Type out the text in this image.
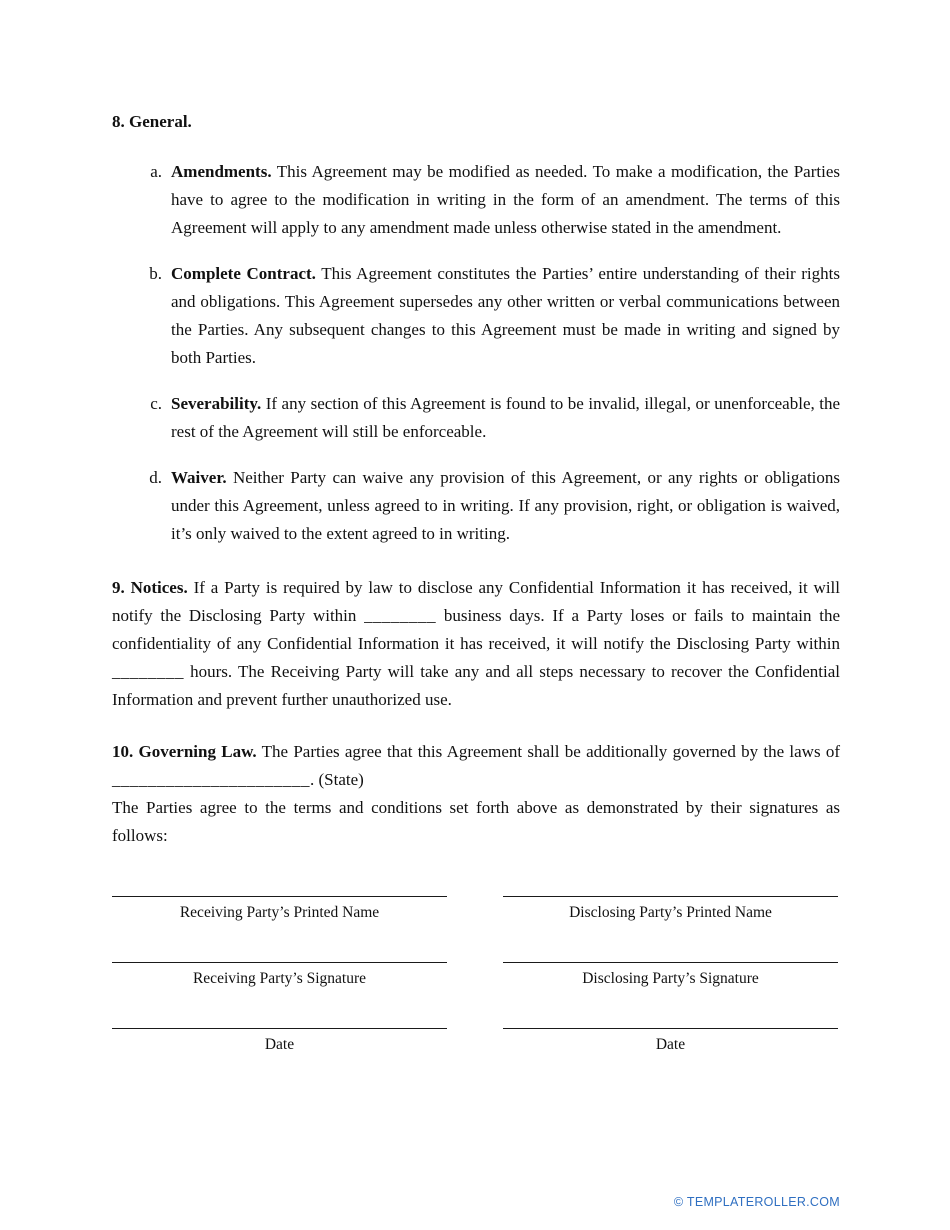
8. General.

a. Amendments. This Agreement may be modified as needed. To make a modification, the Parties have to agree to the modification in writing in the form of an amendment. The terms of this Agreement will apply to any amendment made unless otherwise stated in the amendment.

b. Complete Contract. This Agreement constitutes the Parties’ entire understanding of their rights and obligations. This Agreement supersedes any other written or verbal communications between the Parties. Any subsequent changes to this Agreement must be made in writing and signed by both Parties.

c. Severability. If any section of this Agreement is found to be invalid, illegal, or unenforceable, the rest of the Agreement will still be enforceable.

d. Waiver. Neither Party can waive any provision of this Agreement, or any rights or obligations under this Agreement, unless agreed to in writing. If any provision, right, or obligation is waived, it’s only waived to the extent agreed to in writing.

9. Notices. If a Party is required by law to disclose any Confidential Information it has received, it will notify the Disclosing Party within ________ business days. If a Party loses or fails to maintain the confidentiality of any Confidential Information it has received, it will notify the Disclosing Party within ________ hours. The Receiving Party will take any and all steps necessary to recover the Confidential Information and prevent further unauthorized use.

10. Governing Law. The Parties agree that this Agreement shall be additionally governed by the laws of ______________________. (State)

The Parties agree to the terms and conditions set forth above as demonstrated by their signatures as follows:

Receiving Party’s Printed Name
Receiving Party’s Signature
Date
Disclosing Party’s Printed Name
Disclosing Party’s Signature
Date
© TEMPLATEROLLER.COM
